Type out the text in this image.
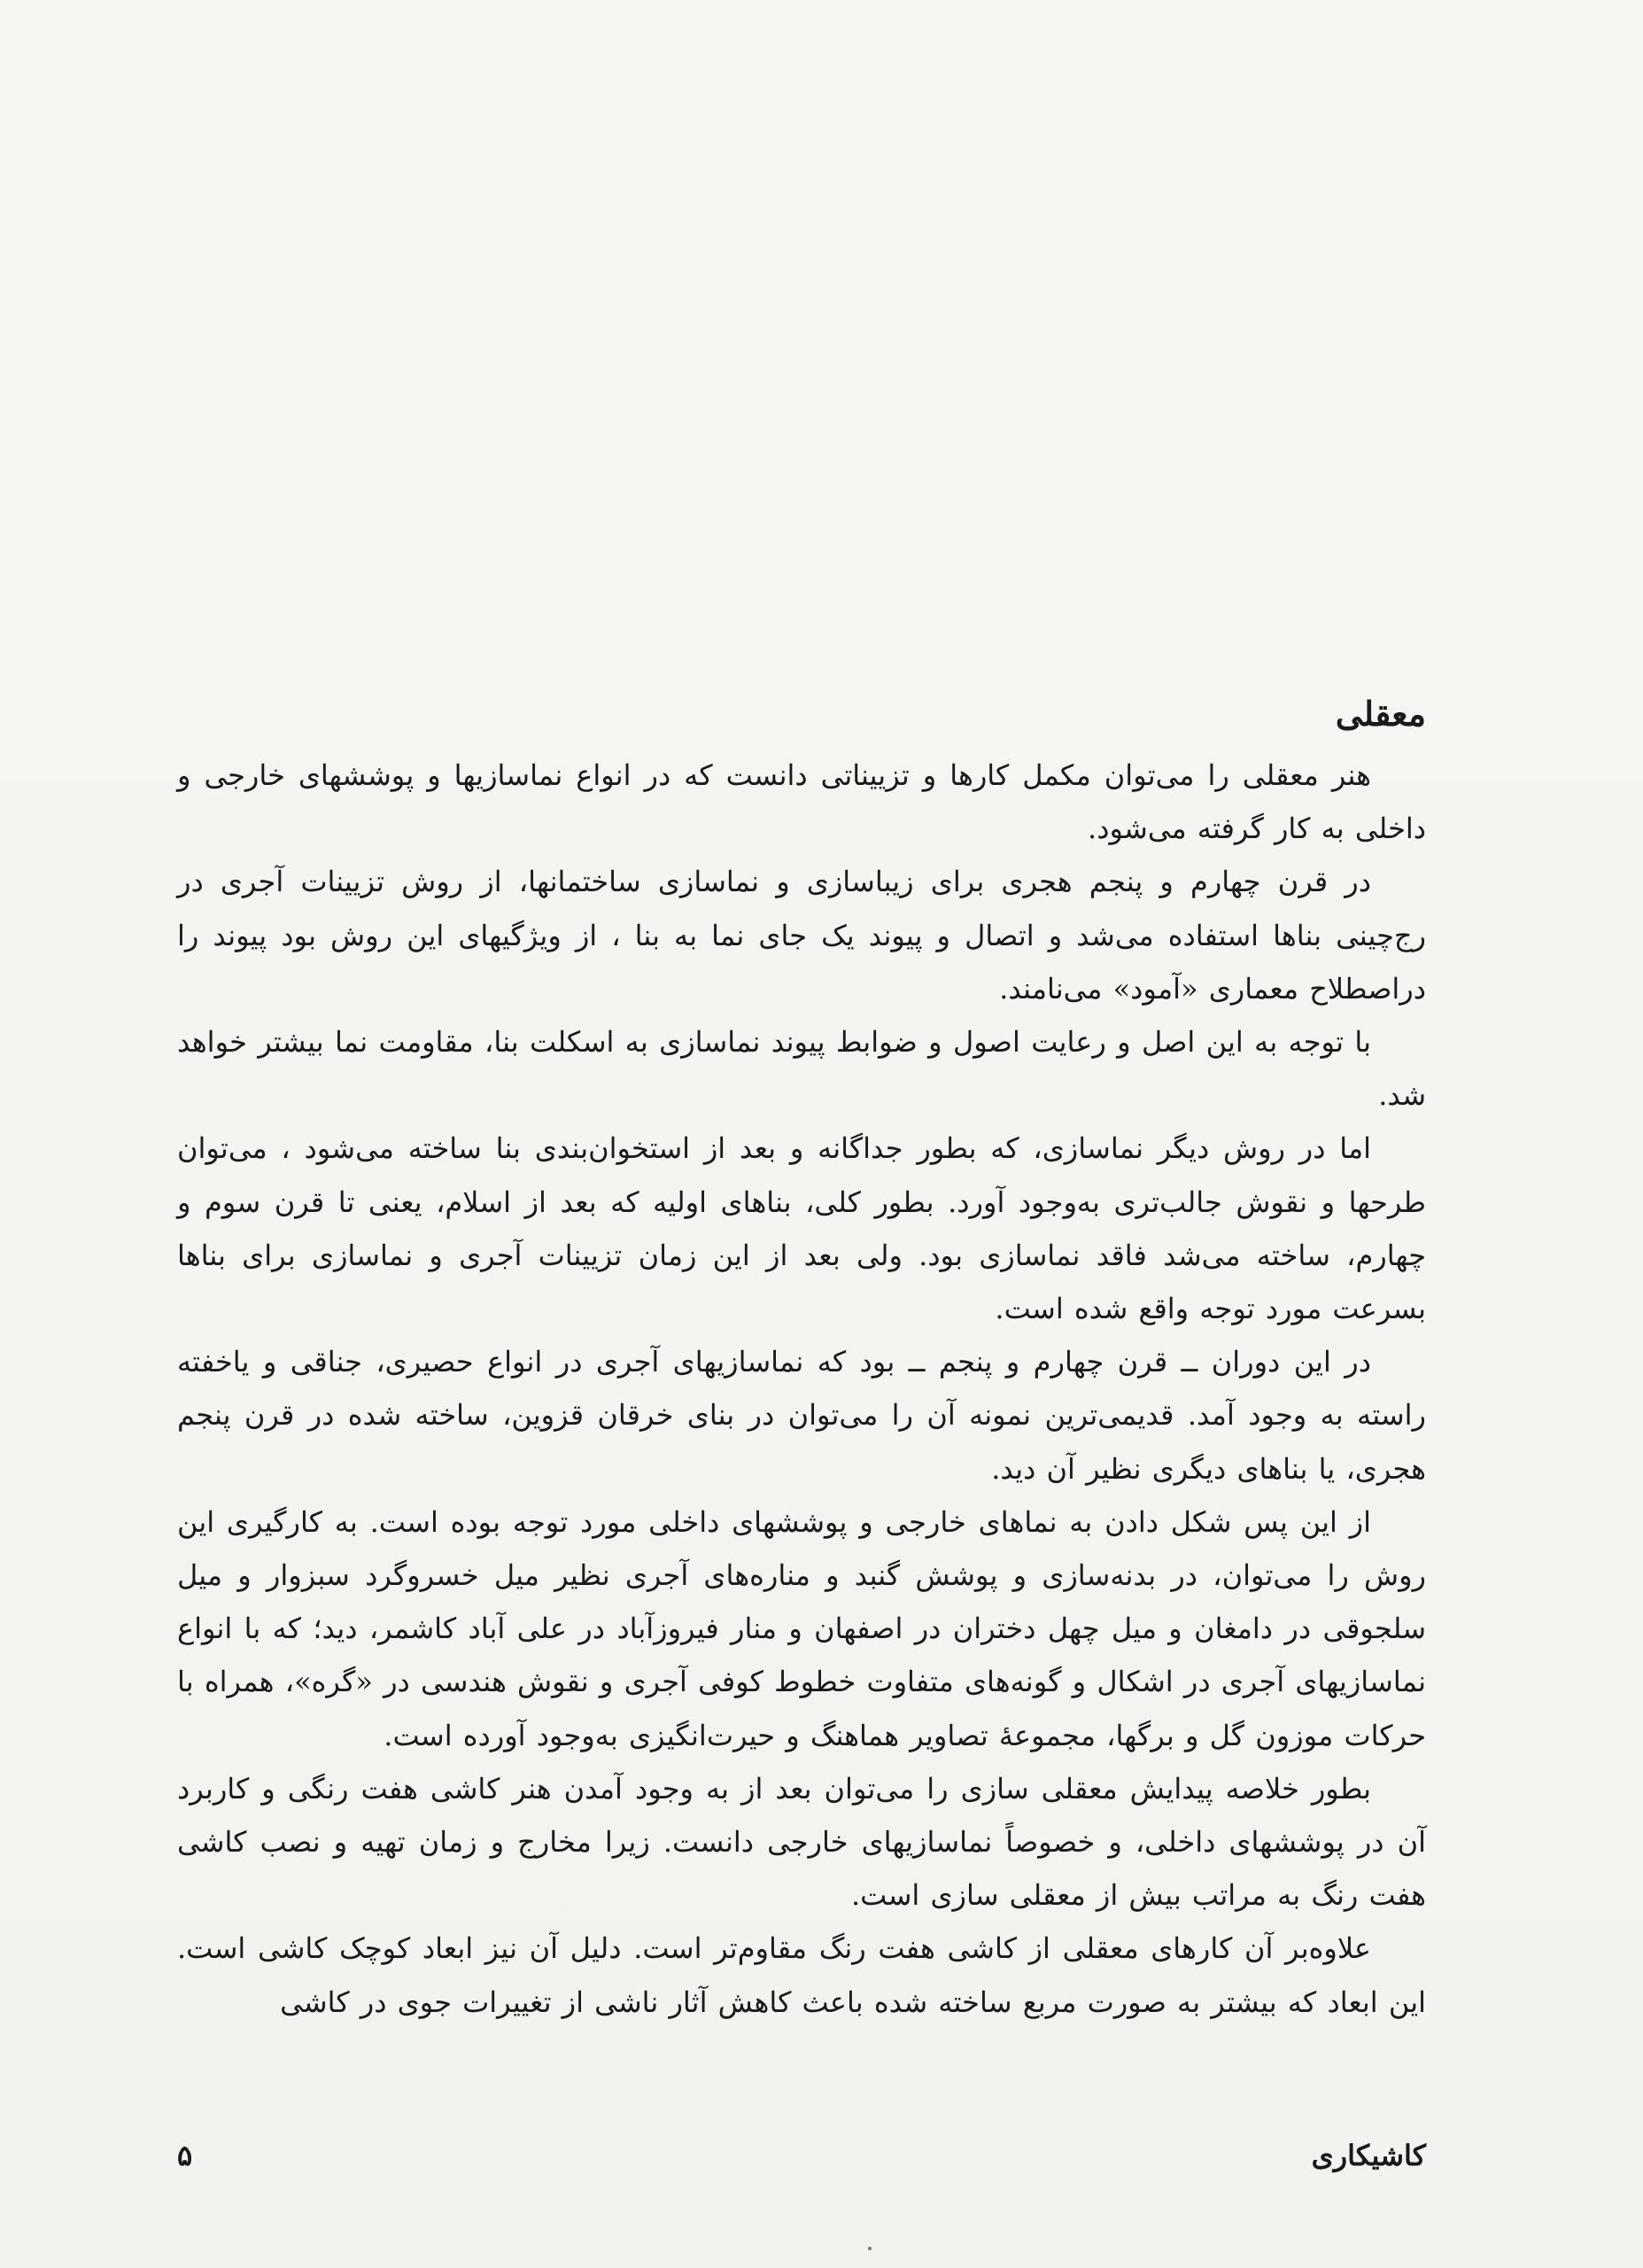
معقلی

هنر معقلی را می‌توان مکمل کارها و تزییناتی دانست که در انواع نماسازیها و پوششهای خارجی و داخلی به کار گرفته می‌شود.

در قرن چهارم و پنجم هجری برای زیباسازی و نماسازی ساختمانها، از روش تزیینات آجری در رج‌چینی بناها استفاده می‌شد و اتصال و پیوند یک جای نما به بنا ، از ویژگیهای این روش بود پیوند را دراصطلاح معماری «آمود» می‌نامند.

با توجه به این اصل و رعایت اصول و ضوابط پیوند نماسازی به اسکلت بنا، مقاومت نما بیشتر خواهد شد.

اما در روش دیگر نماسازی، که بطور جداگانه و بعد از استخوان‌بندی بنا ساخته می‌شود ، می‌توان طرحها و نقوش جالب‌تری به‌وجود آورد. بطور کلی، بناهای اولیه که بعد از اسلام، یعنی تا قرن سوم و چهارم، ساخته می‌شد فاقد نماسازی بود. ولی بعد از این زمان تزیینات آجری و نماسازی برای بناها بسرعت مورد توجه واقع شده است.

در این دوران ــ قرن چهارم و پنجم ــ بود که نماسازیهای آجری در انواع حصیری، جناقی و یاخفته راسته به وجود آمد. قدیمی‌ترین نمونه آن را می‌توان در بنای خرقان قزوین، ساخته شده در قرن پنجم هجری، یا بناهای دیگری نظیر آن دید.

از این پس شکل دادن به نماهای خارجی و پوششهای داخلی مورد توجه بوده است. به کارگیری این روش را می‌توان، در بدنه‌سازی و پوشش گنبد و مناره‌های آجری نظیر میل خسروگرد سبزوار و میل سلجوقی در دامغان و میل چهل دختران در اصفهان و منار فیروزآباد در علی آباد کاشمر، دید؛ که با انواع نماسازیهای آجری در اشکال و گونه‌های متفاوت خطوط کوفی آجری و نقوش هندسی در «گره»، همراه با حرکات موزون گل و برگها، مجموعهٔ تصاویر هماهنگ و حیرت‌انگیزی به‌وجود آورده است.

بطور خلاصه پیدایش معقلی سازی را می‌توان بعد از به وجود آمدن هنر کاشی هفت رنگی و کاربرد آن در پوششهای داخلی، و خصوصاً نماسازیهای خارجی دانست. زیرا مخارج و زمان تهیه و نصب کاشی هفت رنگ به مراتب بیش از معقلی سازی است.

علاوه‌بر آن کارهای معقلی از کاشی هفت رنگ مقاوم‌تر است. دلیل آن نیز ابعاد کوچک کاشی است. این ابعاد که بیشتر به صورت مربع ساخته شده باعث کاهش آثار ناشی از تغییرات جوی در کاشی

کاشیکاری
۵
